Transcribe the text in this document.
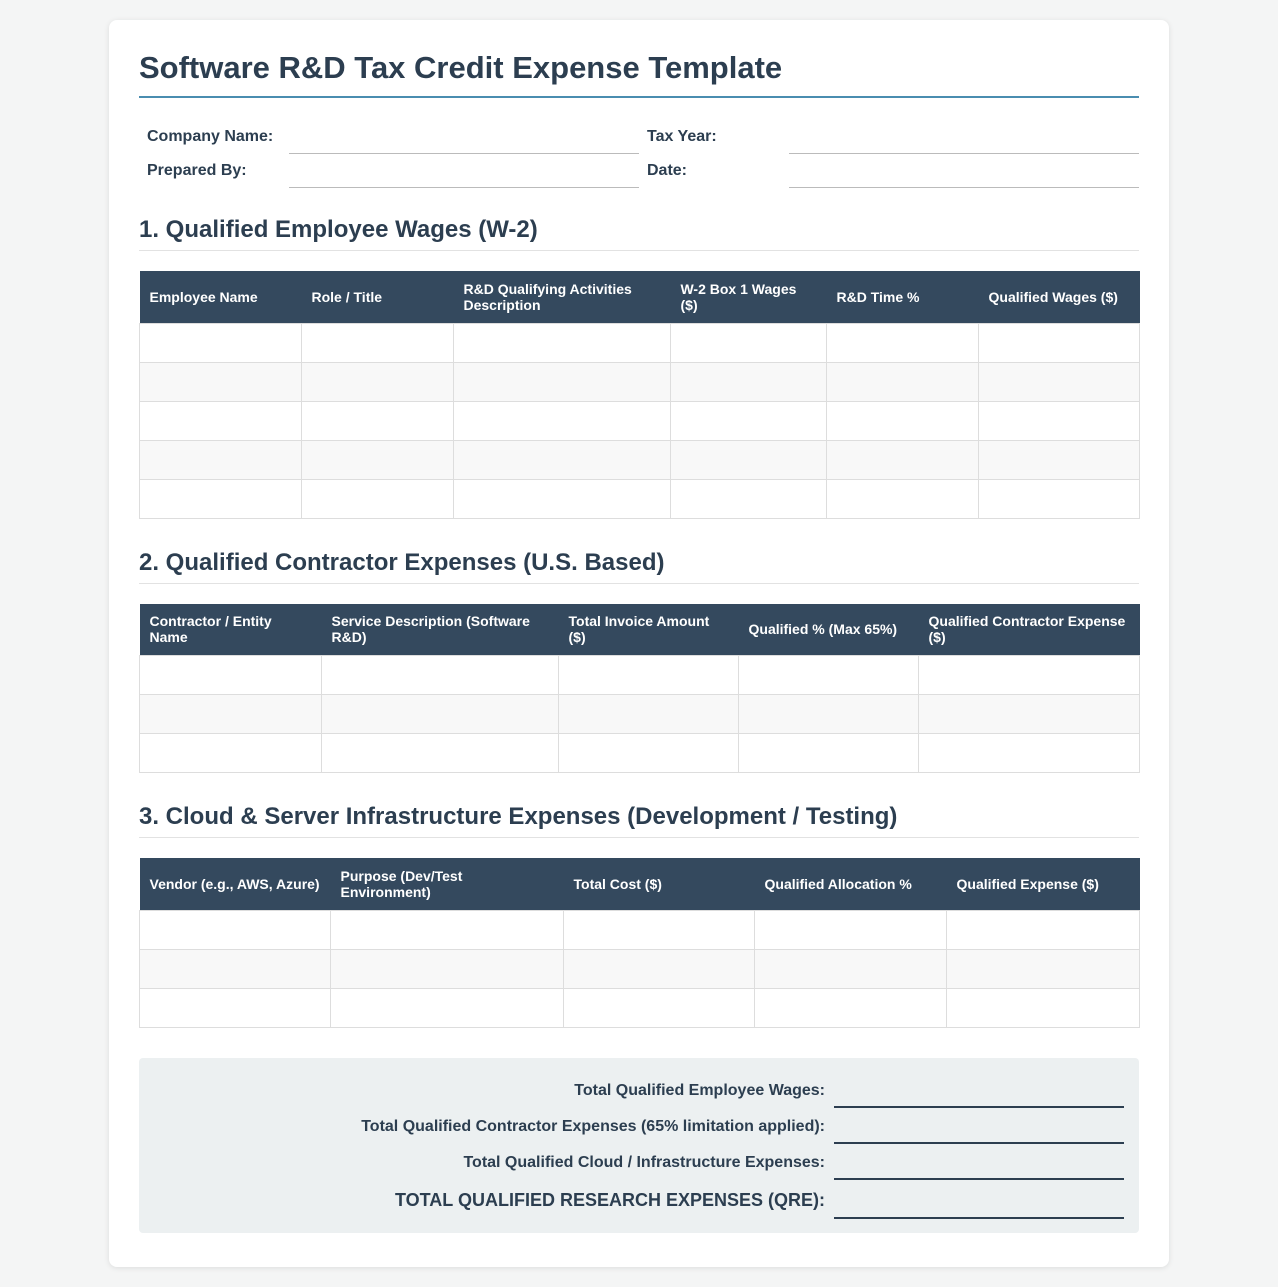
Software R&D Tax Credit Expense Template
Company Name:	Tax Year:
Prepared By:	Date:
1. Qualified Employee Wages (W-2)
Employee Name	Role / Title	R&D Qualifying Activities Description	W-2 Box 1 Wages ($)	R&D Time %	Qualified Wages ($)

2. Qualified Contractor Expenses (U.S. Based)
Contractor / Entity Name	Service Description (Software R&D)	Total Invoice Amount ($)	Qualified % (Max 65%)	Qualified Contractor Expense ($)

3. Cloud & Server Infrastructure Expenses (Development / Testing)
Vendor (e.g., AWS, Azure)	Purpose (Dev/Test Environment)	Total Cost ($)	Qualified Allocation %	Qualified Expense ($)

Total Qualified Employee Wages:
Total Qualified Contractor Expenses (65% limitation applied):
Total Qualified Cloud / Infrastructure Expenses:
TOTAL QUALIFIED RESEARCH EXPENSES (QRE):
